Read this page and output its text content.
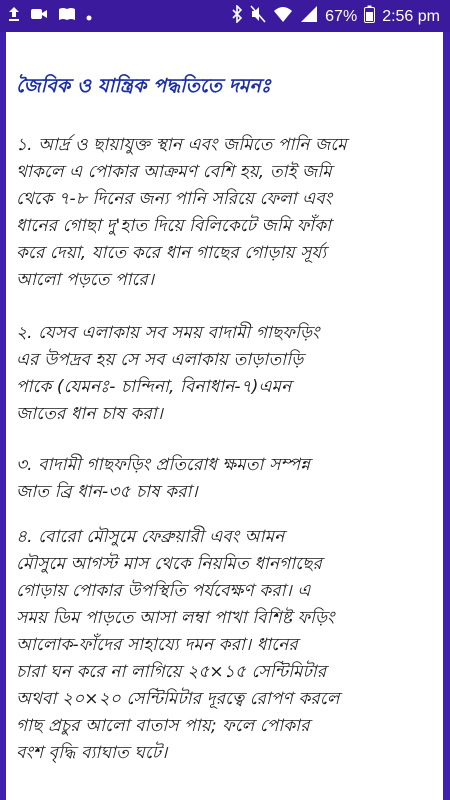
67% 2:56 pm
জৈবিক ও যান্ত্রিক পদ্ধতিতে দমনঃ
১. আর্দ্র ও ছায়াযুক্ত স্থান এবং জমিতে পানি জমে
থাকলে এ পোকার আক্রমণ বেশি হয়, তাই জমি
থেকে ৭-৮ দিনের জন্য পানি সরিয়ে ফেলা এবং
ধানের গোছা দু'হাত দিয়ে বিলিকেটে জমি ফাঁকা
করে দেয়া, যাতে করে ধান গাছের গোড়ায় সূর্য্য
আলো পড়তে পারে।
২. যেসব এলাকায় সব সময় বাদামী গাছফড়িং
এর উপদ্রব হয় সে সব এলাকায় তাড়াতাড়ি
পাকে (যেমনঃ- চান্দিনা, বিনাধান-৭)এমন
জাতের ধান চাষ করা।
৩. বাদামী গাছফড়িং প্রতিরোধ ক্ষমতা সম্পন্ন
জাত ব্রি ধান-৩৫ চাষ করা।
৪. বোরো মৌসুমে ফেব্রুয়ারী এবং আমন
মৌসুমে আগস্ট মাস থেকে নিয়মিত ধানগাছের
গোড়ায় পোকার উপস্থিতি পর্যবেক্ষণ করা। এ
সময় ডিম পাড়তে আসা লম্বা পাখা বিশিষ্ট ফড়িং
আলোক-ফাঁদের সাহায্যে দমন করা। ধানের
চারা ঘন করে না লাগিয়ে ২৫×১৫ সেন্টিমিটার
অথবা ২০×২০ সেন্টিমিটার দূরত্বে রোপণ করলে
গাছ প্রচুর আলো বাতাস পায়; ফলে পোকার
বংশ বৃদ্ধি ব্যাঘাত ঘটে।
